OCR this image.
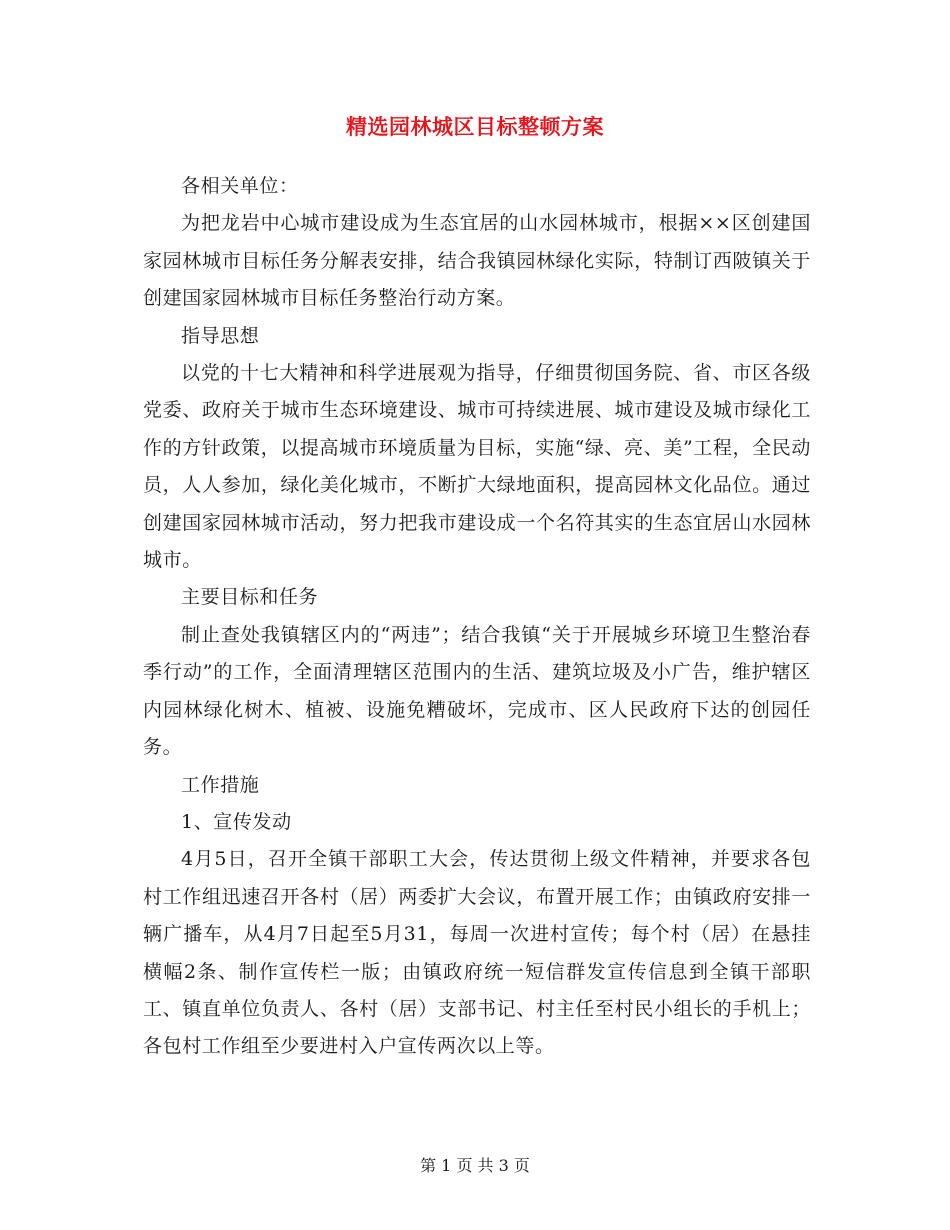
精选园林城区目标整顿方案

各相关单位：

为把龙岩中心城市建设成为生态宜居的山水园林城市，根据××区创建国家园林城市目标任务分解表安排，结合我镇园林绿化实际，特制订西陂镇关于创建国家园林城市目标任务整治行动方案。

指导思想

以党的十七大精神和科学进展观为指导，仔细贯彻国务院、省、市区各级党委、政府关于城市生态环境建设、城市可持续进展、城市建设及城市绿化工作的方针政策，以提高城市环境质量为目标，实施“绿、亮、美”工程，全民动员，人人参加，绿化美化城市，不断扩大绿地面积，提高园林文化品位。通过创建国家园林城市活动，努力把我市建设成一个名符其实的生态宜居山水园林城市。

主要目标和任务

制止查处我镇辖区内的“两违”；结合我镇“关于开展城乡环境卫生整治春季行动”的工作，全面清理辖区范围内的生活、建筑垃圾及小广告，维护辖区内园林绿化树木、植被、设施免糟破坏，完成市、区人民政府下达的创园任务。

工作措施

1、宣传发动

4月5日，召开全镇干部职工大会，传达贯彻上级文件精神，并要求各包村工作组迅速召开各村（居）两委扩大会议，布置开展工作；由镇政府安排一辆广播车，从4月7日起至5月31，每周一次进村宣传；每个村（居）在悬挂横幅2条、制作宣传栏一版；由镇政府统一短信群发宣传信息到全镇干部职工、镇直单位负责人、各村（居）支部书记、村主任至村民小组长的手机上；各包村工作组至少要进村入户宣传两次以上等。

第 1 页 共 3 页
